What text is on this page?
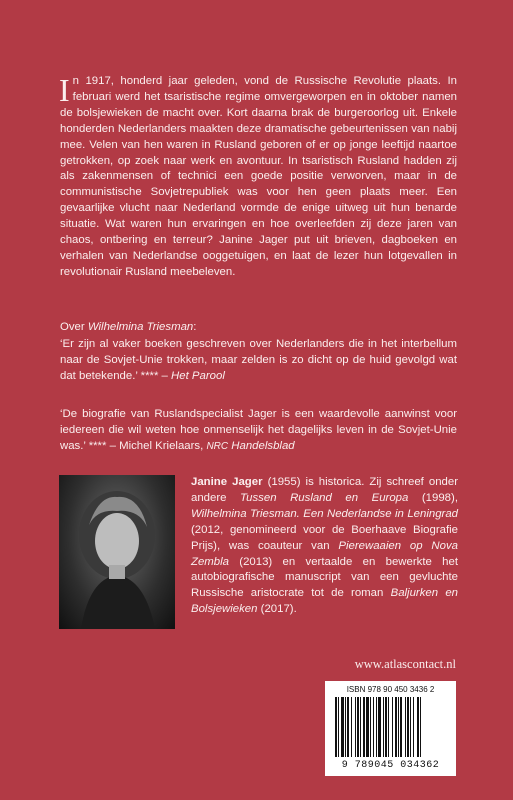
In 1917, honderd jaar geleden, vond de Russische Revolutie plaats. In februari werd het tsaristische regime omvergeworpen en in oktober namen de bolsjewieken de macht over. Kort daarna brak de burgeroorlog uit. Enkele honderden Nederlanders maakten deze dramatische gebeurtenissen van nabij mee. Velen van hen waren in Rusland geboren of er op jonge leeftijd naartoe getrokken, op zoek naar werk en avontuur. In tsaristisch Rusland hadden zij als zakenmensen of technici een goede positie verworven, maar in de communistische Sovjetrepubliek was voor hen geen plaats meer. Een gevaarlijke vlucht naar Nederland vormde de enige uitweg uit hun benarde situatie. Wat waren hun ervaringen en hoe overleefden zij deze jaren van chaos, ontbering en terreur? Janine Jager put uit brieven, dagboeken en verhalen van Nederlandse ooggetuigen, en laat de lezer hun lotgevallen in revolutionair Rusland meebeleven.
Over Wilhelmina Triesman:
‘Er zijn al vaker boeken geschreven over Nederlanders die in het interbellum naar de Sovjet-Unie trokken, maar zelden is zo dicht op de huid gevolgd wat dat betekende.’ **** – Het Parool
‘De biografie van Ruslandspecialist Jager is een waardevolle aanwinst voor iedereen die wil weten hoe onmenselijk het dagelijks leven in de Sovjet-Unie was.’ **** – Michel Krielaars, NRC Handelsblad
Janine Jager (1955) is historica. Zij schreef onder andere Tussen Rusland en Europa (1998), Wilhelmina Triesman. Een Nederlandse in Leningrad (2012, genomineerd voor de Boerhaave Biografie Prijs), was coauteur van Pierewaaien op Nova Zembla (2013) en vertaalde en bewerkte het autobiografische manuscript van een gevluchte Russische aristocrate tot de roman Baljurken en Bolsjewieken (2017).
www.atlascontact.nl
ISBN 978 90 450 3436 2
9 789045 034362
